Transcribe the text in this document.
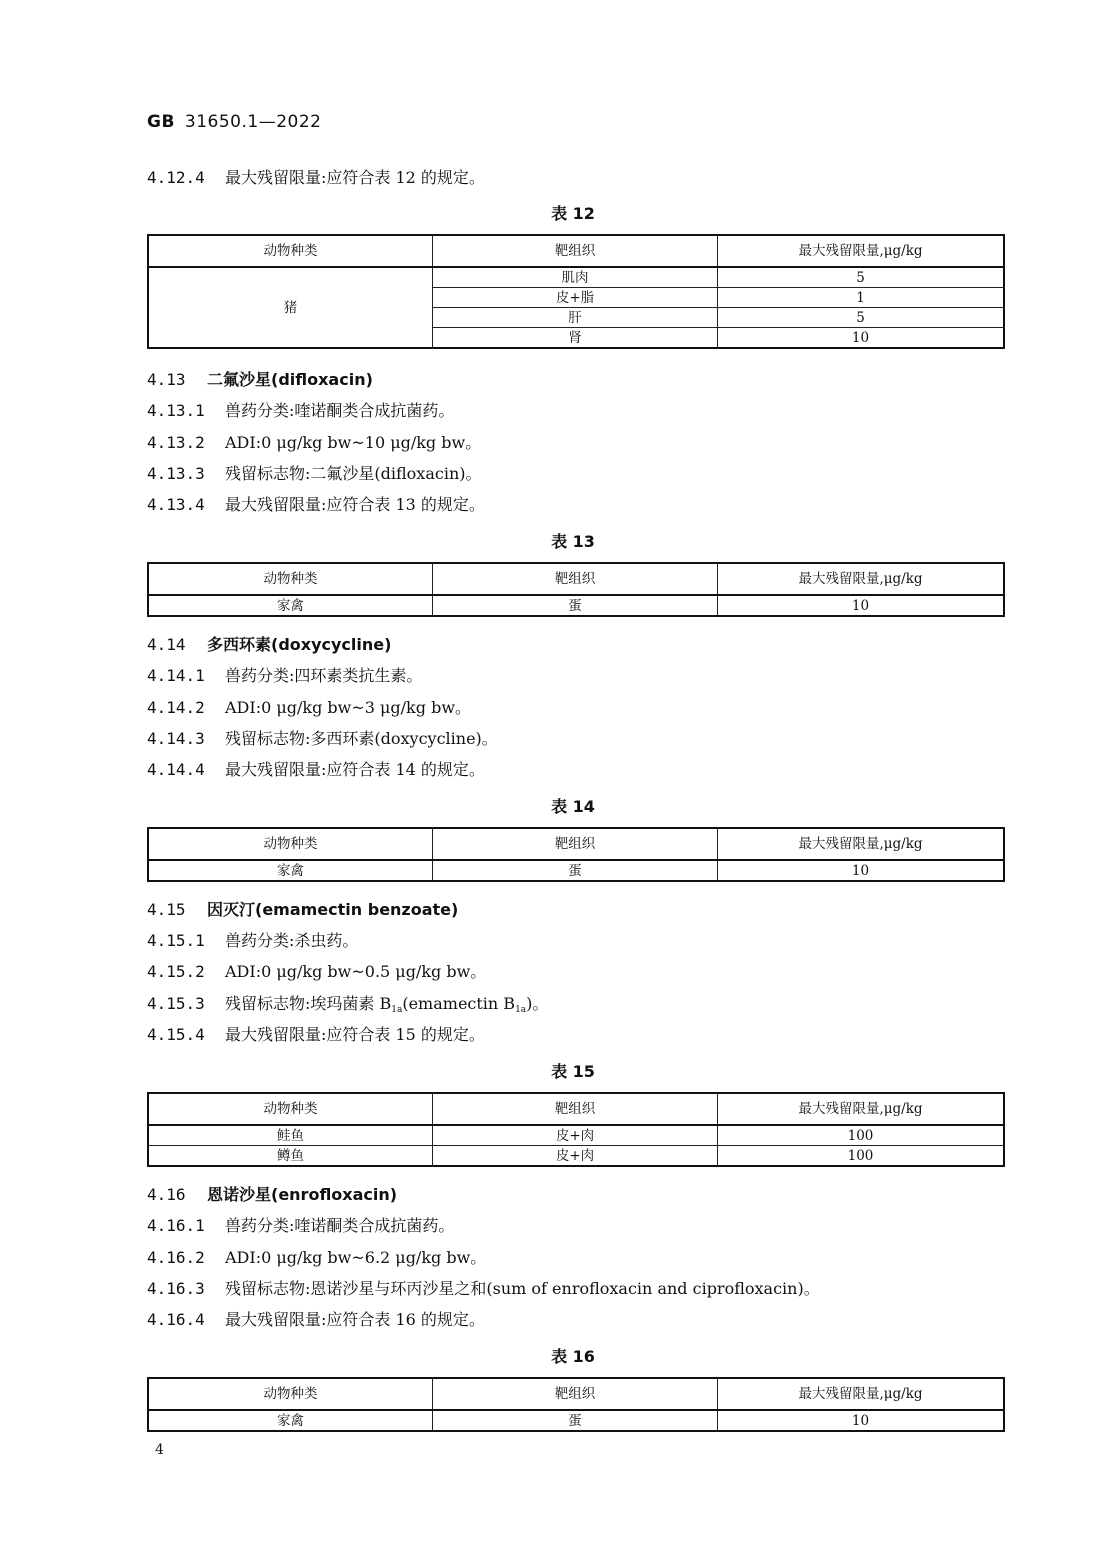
GB 31650.1—2022
4.12.4 最大残留限量:应符合表 12 的规定。
表 12
动物种类	靶组织	最大残留限量,μg/kg
猪	肌肉	5
	皮+脂	1
	肝	5
	肾	10
4.13 二氟沙星(difloxacin)
4.13.1 兽药分类:喹诺酮类合成抗菌药。
4.13.2 ADI:0 μg/kg bw~10 μg/kg bw。
4.13.3 残留标志物:二氟沙星(difloxacin)。
4.13.4 最大残留限量:应符合表 13 的规定。
表 13
动物种类	靶组织	最大残留限量,μg/kg
家禽	蛋	10
4.14 多西环素(doxycycline)
4.14.1 兽药分类:四环素类抗生素。
4.14.2 ADI:0 μg/kg bw~3 μg/kg bw。
4.14.3 残留标志物:多西环素(doxycycline)。
4.14.4 最大残留限量:应符合表 14 的规定。
表 14
动物种类	靶组织	最大残留限量,μg/kg
家禽	蛋	10
4.15 因灭汀(emamectin benzoate)
4.15.1 兽药分类:杀虫药。
4.15.2 ADI:0 μg/kg bw~0.5 μg/kg bw。
4.15.3 残留标志物:埃玛菌素 $B_{1a}(emamectin$ $B_{1a}$)。
4.15.4 最大残留限量:应符合表 15 的规定。
表 15
动物种类	靶组织	最大残留限量,μg/kg
鲑鱼	皮+肉	100
鳟鱼	皮+肉	100
4.16 恩诺沙星(enrofloxacin)
4.16.1 兽药分类:喹诺酮类合成抗菌药。
4.16.2 ADI:0 μg/kg bw~6.2 μg/kg bw。
4.16.3 残留标志物:恩诺沙星与环丙沙星之和(sum of enrofloxacin and ciprofloxacin)。
4.16.4 最大残留限量:应符合表 16 的规定。
表 16
动物种类	靶组织	最大残留限量,μg/kg
家禽	蛋	10
4
